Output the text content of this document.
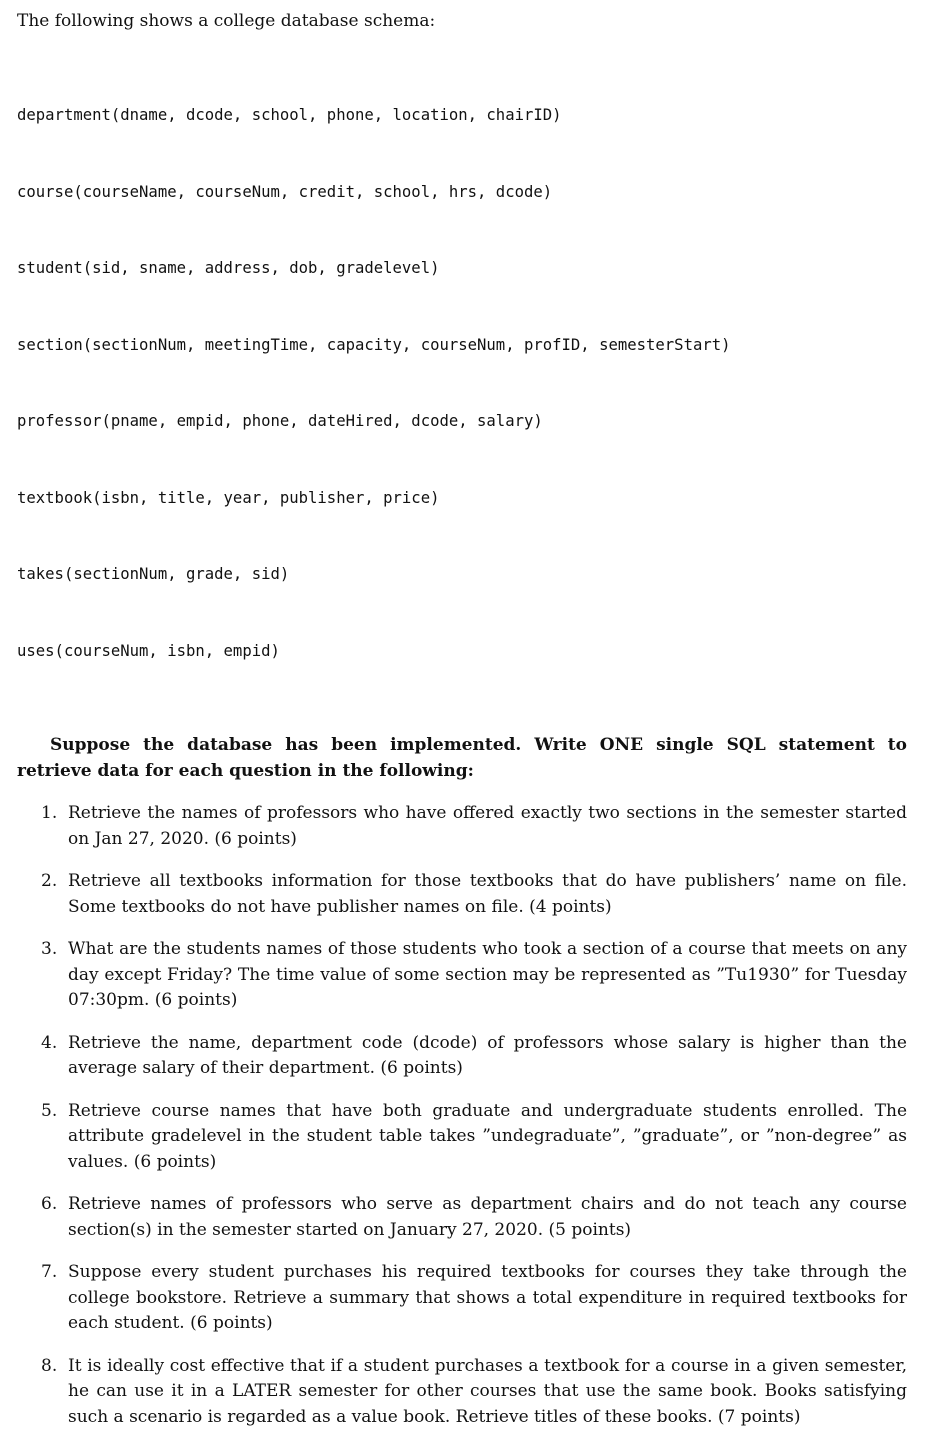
The following shows a college database schema:

department(dname, dcode, school, phone, location, chairID)

course(courseName, courseNum, credit, school, hrs, dcode)

student(sid, sname, address, dob, gradelevel)

section(sectionNum, meetingTime, capacity, courseNum, profID, semesterStart)

professor(pname, empid, phone, dateHired, dcode, salary)

textbook(isbn, title, year, publisher, price)

takes(sectionNum, grade, sid)

uses(courseNum, isbn, empid)

Suppose the database has been implemented. Write ONE single SQL statement to retrieve data for each question in the following:

1. Retrieve the names of professors who have offered exactly two sections in the semester started on Jan 27, 2020. (6 points)
2. Retrieve all textbooks information for those textbooks that do have publishers’ name on file. Some textbooks do not have publisher names on file. (4 points)
3. What are the students names of those students who took a section of a course that meets on any day except Friday? The time value of some section may be represented as ”Tu1930” for Tuesday 07:30pm. (6 points)
4. Retrieve the name, department code (dcode) of professors whose salary is higher than the average salary of their department. (6 points)
5. Retrieve course names that have both graduate and undergraduate students enrolled. The attribute gradelevel in the student table takes ”undegraduate”, ”graduate”, or ”non-degree” as values. (6 points)
6. Retrieve names of professors who serve as department chairs and do not teach any course section(s) in the semester started on January 27, 2020. (5 points)
7. Suppose every student purchases his required textbooks for courses they take through the college bookstore. Retrieve a summary that shows a total expenditure in required textbooks for each student. (6 points)
8. It is ideally cost effective that if a student purchases a textbook for a course in a given semester, he can use it in a LATER semester for other courses that use the same book. Books satisfying such a scenario is regarded as a value book. Retrieve titles of these books. (7 points)
